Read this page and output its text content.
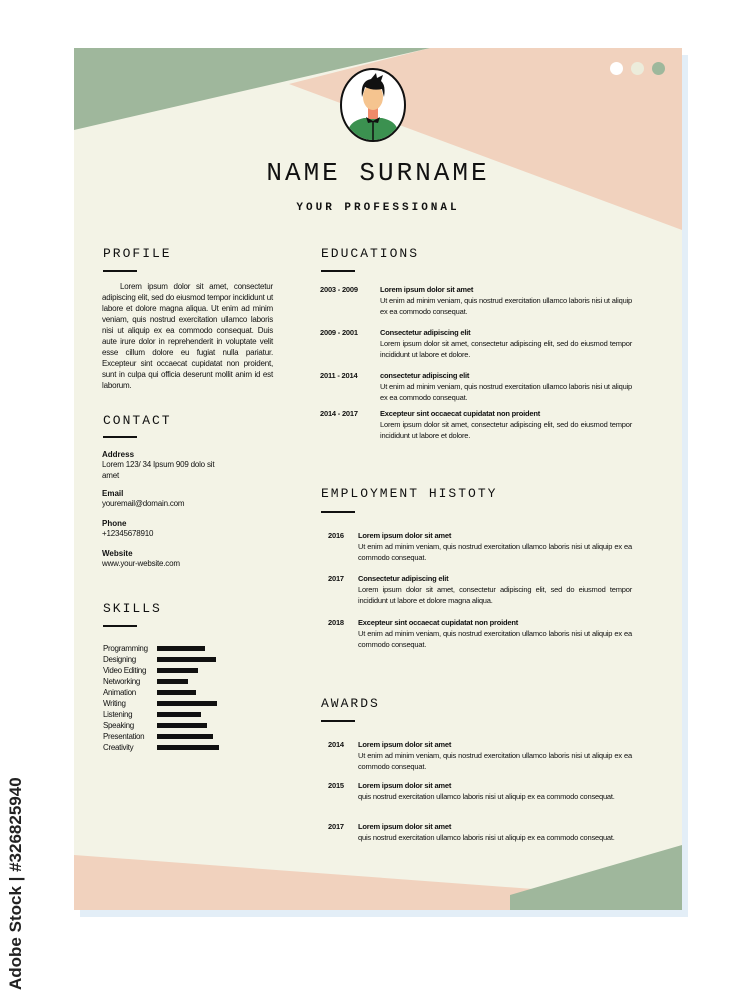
NAME SURNAME
YOUR PROFESSIONAL
PROFILE
Lorem ipsum dolor sit amet, consectetur adipiscing elit, sed do eiusmod tempor incididunt ut labore et dolore magna aliqua. Ut enim ad minim veniam, quis nostrud exercitation ullamco laboris nisi ut aliquip ex ea commodo consequat. Duis aute irure dolor in reprehenderit in voluptate velit esse cillum dolore eu fugiat nulla pariatur. Excepteur sint occaecat cupidatat non proident, sunt in culpa qui officia deserunt mollit anim id est laborum.
CONTACT
Address
Lorem 123/ 34 Ipsum 909 dolo sit amet
Email
youremail@domain.com
Phone
+12345678910
Website
www.your-website.com
SKILLS
Programming
Designing
Video Editing
Networking
Animation
Writing
Listening
Speaking
Presentation
Creativity
EDUCATIONS
2003 - 2009	Lorem ipsum dolor sit amet
Ut enim ad minim veniam, quis nostrud exercitation ullamco laboris nisi ut aliquip ex ea commodo consequat.
2009 - 2001	Consectetur adipiscing elit
Lorem ipsum dolor sit amet, consectetur adipiscing elit, sed do eiusmod tempor incididunt ut labore et dolore.
2011 - 2014	consectetur adipiscing elit
Ut enim ad minim veniam, quis nostrud exercitation ullamco laboris nisi ut aliquip ex ea commodo consequat.
2014 - 2017	Excepteur sint occaecat cupidatat non proident
Lorem ipsum dolor sit amet, consectetur adipiscing elit, sed do eiusmod tempor incididunt ut labore et dolore.
EMPLOYMENT HISTOTY
2016 Lorem ipsum dolor sit amet
Ut enim ad minim veniam, quis nostrud exercitation ullamco laboris nisi ut aliquip ex ea commodo consequat.
2017 Consectetur adipiscing elit
Lorem ipsum dolor sit amet, consectetur adipiscing elit, sed do eiusmod tempor incididunt ut labore et dolore magna aliqua.
2018 Excepteur sint occaecat cupidatat non proident
Ut enim ad minim veniam, quis nostrud exercitation ullamco laboris nisi ut aliquip ex ea commodo consequat.
AWARDS
2014 Lorem ipsum dolor sit amet
Ut enim ad minim veniam, quis nostrud exercitation ullamco laboris nisi ut aliquip ex ea commodo consequat.
2015 Lorem ipsum dolor sit amet
quis nostrud exercitation ullamco laboris nisi ut aliquip ex ea commodo consequat.
2017 Lorem ipsum dolor sit amet
quis nostrud exercitation ullamco laboris nisi ut aliquip ex ea commodo consequat.
Adobe Stock | #326825940
